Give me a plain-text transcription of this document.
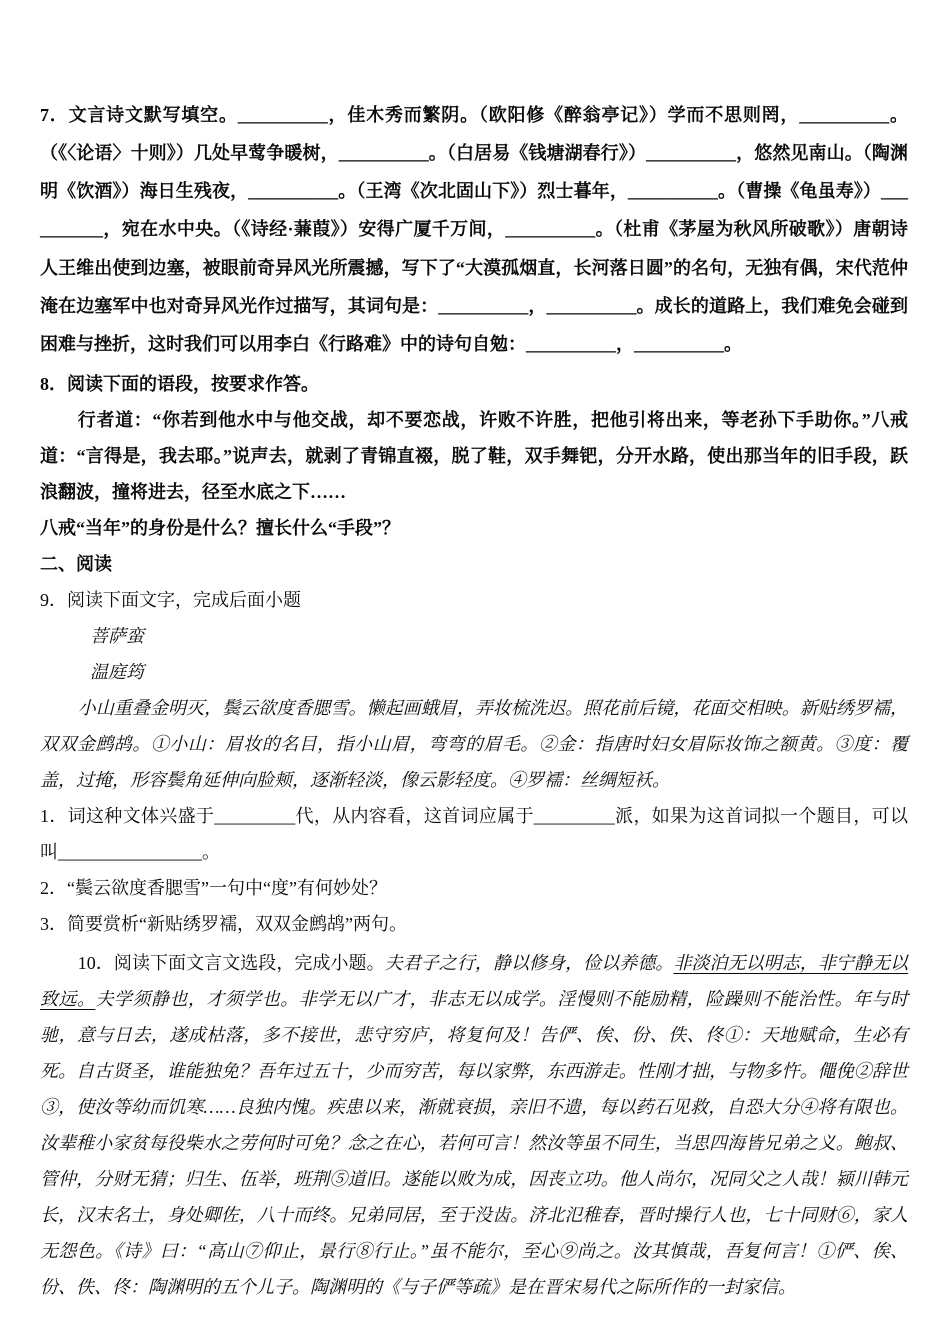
7．文言诗文默写填空。__________，佳木秀而繁阴。（欧阳修《醉翁亭记》）学而不思则罔，__________。（《〈论语〉十则》）几处早莺争暖树，__________。（白居易《钱塘湖春行》）__________，悠然见南山。（陶渊明《饮酒》）海日生残夜，__________。（王湾《次北固山下》）烈士暮年，__________。（曹操《龟虽寿》）__________，宛在水中央。（《诗经·蒹葭》）安得广厦千万间，__________。（杜甫《茅屋为秋风所破歌》）唐朝诗人王维出使到边塞，被眼前奇异风光所震撼，写下了“大漠孤烟直，长河落日圆”的名句，无独有偶，宋代范仲淹在边塞军中也对奇异风光作过描写，其词句是：__________，__________。成长的道路上，我们难免会碰到困难与挫折，这时我们可以用李白《行路难》中的诗句自勉：__________，__________。

8．阅读下面的语段，按要求作答。

行者道：“你若到他水中与他交战，却不要恋战，许败不许胜，把他引将出来，等老孙下手助你。”八戒道：“言得是，我去耶。”说声去，就剥了青锦直裰，脱了鞋，双手舞钯，分开水路，使出那当年的旧手段，跃浪翻波，撞将进去，径至水底之下……

八戒“当年”的身份是什么？擅长什么“手段”？

二、阅读

9．阅读下面文字，完成后面小题

菩萨蛮

温庭筠

小山重叠金明灭，鬓云欲度香腮雪。懒起画蛾眉，弄妆梳洗迟。照花前后镜，花面交相映。新贴绣罗襦，双双金鹧鸪。①小山：眉妆的名目，指小山眉，弯弯的眉毛。②金：指唐时妇女眉际妆饰之额黄。③度：覆盖，过掩，形容鬓角延伸向脸颊，逐渐轻淡，像云影轻度。④罗襦：丝绸短袄。

1．词这种文体兴盛于_________代，从内容看，这首词应属于_________派，如果为这首词拟一个题目，可以叫________________。

2．“鬓云欲度香腮雪”一句中“度”有何妙处？

3．简要赏析“新贴绣罗襦，双双金鹧鸪”两句。

10．阅读下面文言文选段，完成小题。夫君子之行，静以修身，俭以养德。非淡泊无以明志，非宁静无以致远。夫学须静也，才须学也。非学无以广才，非志无以成学。淫慢则不能励精，险躁则不能治性。年与时驰，意与日去，遂成枯落，多不接世，悲守穷庐，将复何及！告俨、俟、份、佚、佟①：天地赋命，生必有死。自古贤圣，谁能独免？吾年过五十，少而穷苦，每以家弊，东西游走。性刚才拙，与物多忤。僶俛②辞世③，使汝等幼而饥寒……良独内愧。疾患以来，渐就衰损，亲旧不遗，每以药石见救，自恐大分④将有限也。汝辈稚小家贫每役柴水之劳何时可免？念之在心，若何可言！然汝等虽不同生，当思四海皆兄弟之义。鲍叔、管仲，分财无猜；归生、伍举，班荆⑤道旧。遂能以败为成，因丧立功。他人尚尔，况同父之人哉！颍川韩元长，汉末名士，身处卿佐，八十而终。兄弟同居，至于没齿。济北氾稚春，晋时操行人也，七十同财⑥，家人无怨色。《诗》曰：“高山⑦仰止，景行⑧行止。”虽不能尔，至心⑨尚之。汝其慎哉，吾复何言！①俨、俟、份、佚、佟：陶渊明的五个儿子。陶渊明的《与子俨等疏》是在晋宋易代之际所作的一封家信。
